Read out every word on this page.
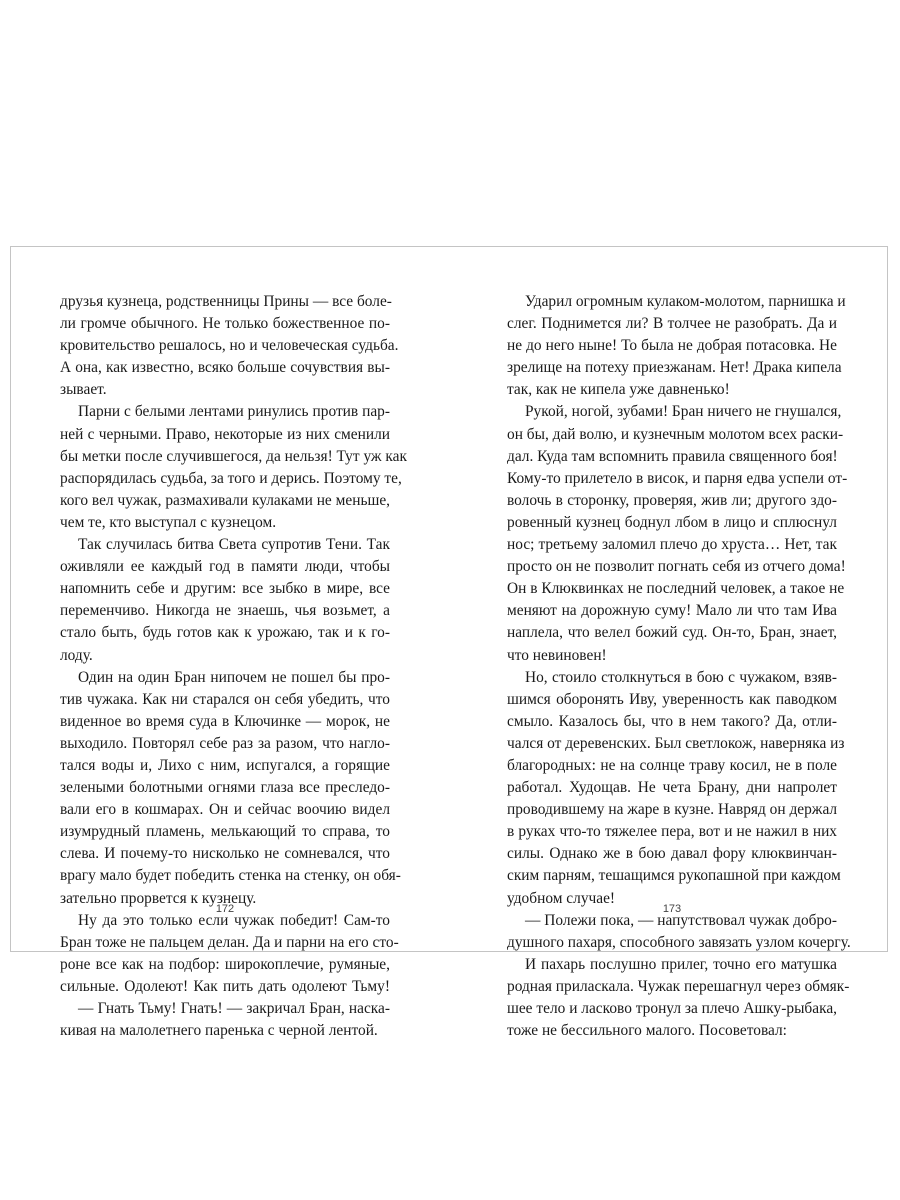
друзья кузнеца, родственницы Прины — все боле-
ли громче обычного. Не только божественное по-
кровительство решалось, но и человеческая судьба.
А она, как известно, всяко больше сочувствия вы-
зывает.
Парни с белыми лентами ринулись против пар-
ней с черными. Право, некоторые из них сменили
бы метки после случившегося, да нельзя! Тут уж как
распорядилась судьба, за того и дерись. Поэтому те,
кого вел чужак, размахивали кулаками не меньше,
чем те, кто выступал с кузнецом.
Так случилась битва Света супротив Тени. Так
оживляли ее каждый год в памяти люди, чтобы
напомнить себе и другим: все зыбко в мире, все
переменчиво. Никогда не знаешь, чья возьмет, а
стало быть, будь готов как к урожаю, так и к го-
лоду.
Один на один Бран нипочем не пошел бы про-
тив чужака. Как ни старался он себя убедить, что
виденное во время суда в Ключинке — морок, не
выходило. Повторял себе раз за разом, что нагло-
тался воды и, Лихо с ним, испугался, а горящие
зелеными болотными огнями глаза все преследо-
вали его в кошмарах. Он и сейчас воочию видел
изумрудный пламень, мелькающий то справа, то
слева. И почему-то нисколько не сомневался, что
врагу мало будет победить стенка на стенку, он обя-
зательно прорвется к кузнецу.
Ну да это только если чужак победит! Сам-то
Бран тоже не пальцем делан. Да и парни на его сто-
роне все как на подбор: широкоплечие, румяные,
сильные. Одолеют! Как пить дать одолеют Тьму!
— Гнать Тьму! Гнать! — закричал Бран, наска-
кивая на малолетнего паренька с черной лентой.
Ударил огромным кулаком-молотом, парнишка и
слег. Поднимется ли? В толчее не разобрать. Да и
не до него ныне! То была не добрая потасовка. Не
зрелище на потеху приезжанам. Нет! Драка кипела
так, как не кипела уже давненько!
Рукой, ногой, зубами! Бран ничего не гнушался,
он бы, дай волю, и кузнечным молотом всех раски-
дал. Куда там вспомнить правила священного боя!
Кому-то прилетело в висок, и парня едва успели от-
волочь в сторонку, проверяя, жив ли; другого здо-
ровенный кузнец боднул лбом в лицо и сплюснул
нос; третьему заломил плечо до хруста… Нет, так
просто он не позволит погнать себя из отчего дома!
Он в Клюквинках не последний человек, а такое не
меняют на дорожную суму! Мало ли что там Ива
наплела, что велел божий суд. Он-то, Бран, знает,
что невиновен!
Но, стоило столкнуться в бою с чужаком, взяв-
шимся оборонять Иву, уверенность как паводком
смыло. Казалось бы, что в нем такого? Да, отли-
чался от деревенских. Был светлокож, наверняка из
благородных: не на солнце траву косил, не в поле
работал. Худощав. Не чета Брану, дни напролет
проводившему на жаре в кузне. Навряд он держал
в руках что-то тяжелее пера, вот и не нажил в них
силы. Однако же в бою давал фору клюквинчан-
ским парням, тешащимся рукопашной при каждом
удобном случае!
— Полежи пока, — напутствовал чужак добро-
душного пахаря, способного завязать узлом кочергу.
И пахарь послушно прилег, точно его матушка
родная приласкала. Чужак перешагнул через обмяк-
шее тело и ласково тронул за плечо Ашку-рыбака,
тоже не бессильного малого. Посоветовал:
172	173
